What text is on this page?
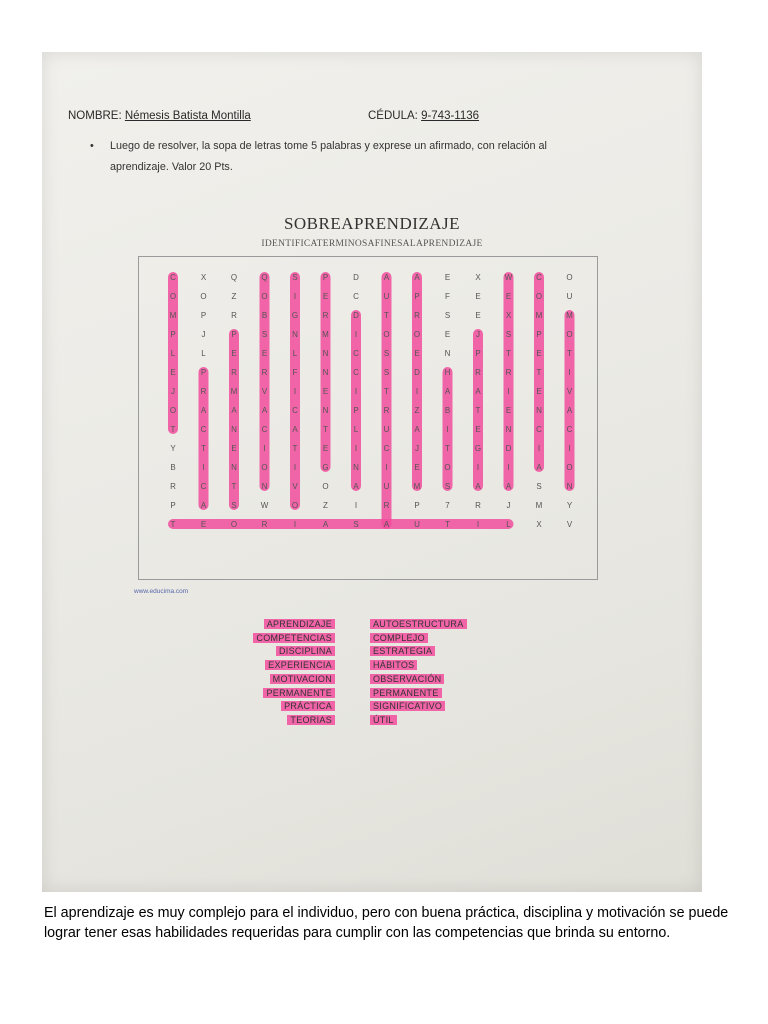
NOMBRE: Némesis Batista Montilla	CÉDULA: 9-743-1136
• Luego de resolver, la sopa de letras tome 5 palabras y exprese un afirmado, con relación al
aprendizaje. Valor 20 Pts.
SOBREAPRENDIZAJE
IDENTIFICATERMINOSAFINESALAPRENDIZAJE
C	X	Q	Q	S	P	D	A	A	E	X	W	C	O
O	O	Z	O	I	E	C	U	P	F	E	E	O	U
M	P	R	B	G	R	D	T	R	S	E	X	M	M
P	J	P	S	N	M	I	O	O	E	J	S	P	O
L	L	E	E	L	N	C	S	E	N	P	T	E	T
E	P	R	R	F	N	C	S	D	H	R	R	T	I
J	R	M	V	I	E	I	T	I	A	A	I	E	V
O	A	A	A	C	N	P	R	Z	B	T	E	N	A
T	C	N	C	A	T	L	U	A	I	E	N	C	C
Y	T	E	I	T	E	I	C	J	T	G	D	I	I
B	I	N	O	I	G	N	I	E	O	I	I	A	O
R	C	T	N	V	O	A	U	M	S	A	A	S	N
P	A	S	W	O	Z	I	R	P	7	R	J	M	Y
T	E	O	R	I	A	S	A	U	T	I	L	X	V
www.educima.com
APRENDIZAJE
COMPETENCIAS
DISCIPLINA
EXPERIENCIA
MOTIVACION
PERMANENTE
PRÁCTICA
TEORIAS
AUTOESTRUCTURA
COMPLEJO
ESTRATEGIA
HÁBITOS
OBSERVACIÓN
PERMANENTE
SIGNIFICATIVO
ÚTIL
El aprendizaje es muy complejo para el individuo, pero con buena práctica, disciplina y motivación se puede lograr tener esas habilidades requeridas para cumplir con las competencias que brinda su entorno.
